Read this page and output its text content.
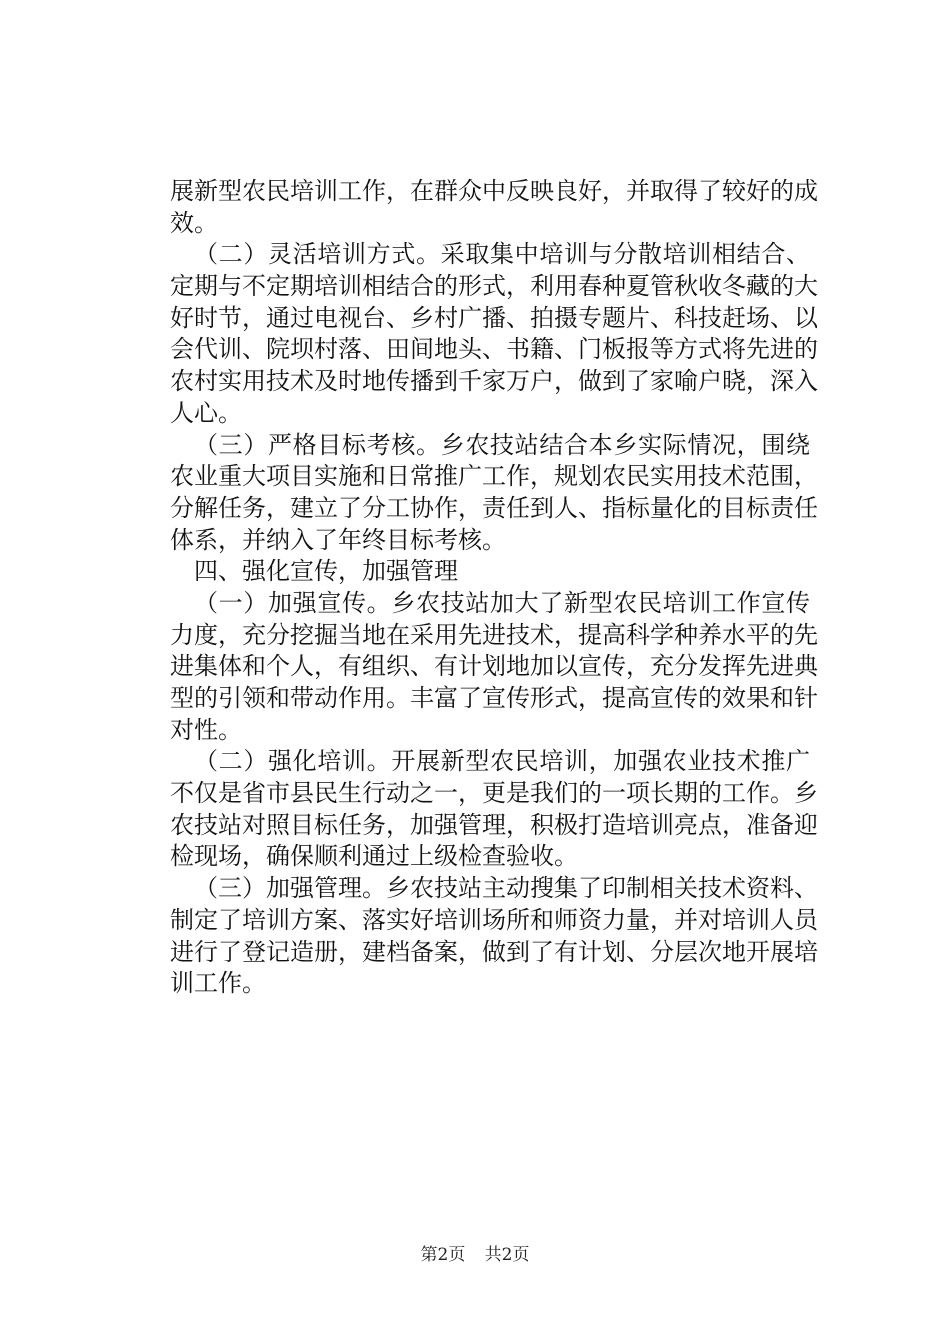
展新型农民培训工作，在群众中反映良好，并取得了较好的成
效。
（二）灵活培训方式。采取集中培训与分散培训相结合、
定期与不定期培训相结合的形式，利用春种夏管秋收冬藏的大
好时节，通过电视台、乡村广播、拍摄专题片、科技赶场、以
会代训、院坝村落、田间地头、书籍、门板报等方式将先进的
农村实用技术及时地传播到千家万户，做到了家喻户晓，深入
人心。
（三）严格目标考核。乡农技站结合本乡实际情况，围绕
农业重大项目实施和日常推广工作，规划农民实用技术范围，
分解任务，建立了分工协作，责任到人、指标量化的目标责任
体系，并纳入了年终目标考核。
四、强化宣传，加强管理
（一）加强宣传。乡农技站加大了新型农民培训工作宣传
力度，充分挖掘当地在采用先进技术，提高科学种养水平的先
进集体和个人，有组织、有计划地加以宣传，充分发挥先进典
型的引领和带动作用。丰富了宣传形式，提高宣传的效果和针
对性。
（二）强化培训。开展新型农民培训，加强农业技术推广
不仅是省市县民生行动之一，更是我们的一项长期的工作。乡
农技站对照目标任务，加强管理，积极打造培训亮点，准备迎
检现场，确保顺利通过上级检查验收。
（三）加强管理。乡农技站主动搜集了印制相关技术资料、
制定了培训方案、落实好培训场所和师资力量，并对培训人员
进行了登记造册，建档备案，做到了有计划、分层次地开展培
训工作。
第2页   共2页
